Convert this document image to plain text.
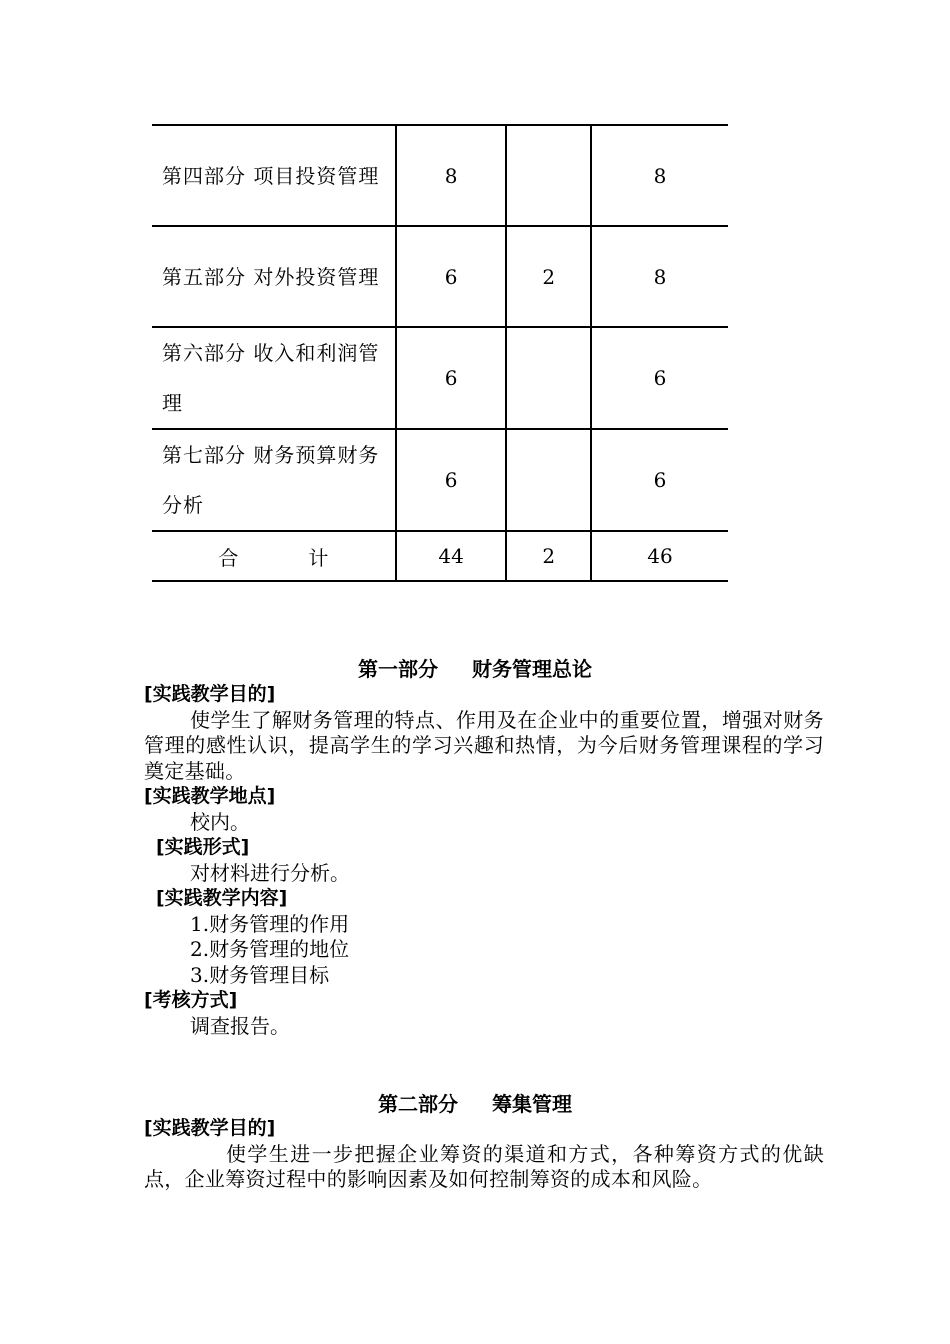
第四部分 项目投资管理	8		8
第五部分 对外投资管理	6	2	8
第六部分 收入和利润管理	6		6
第七部分 财务预算财务分析	6		6
合 计	44	2	46
第一部分 财务管理总论
[实践教学目的]
使学生了解财务管理的特点、作用及在企业中的重要位置，增强对财务管理的感性认识，提高学生的学习兴趣和热情，为今后财务管理课程的学习奠定基础。
[实践教学地点]
校内。
[实践形式]
对材料进行分析。
[实践教学内容]
1.财务管理的作用
2.财务管理的地位
3.财务管理目标
[考核方式]
调查报告。
第二部分 筹集管理
[实践教学目的]
使学生进一步把握企业筹资的渠道和方式，各种筹资方式的优缺点，企业筹资过程中的影响因素及如何控制筹资的成本和风险。
